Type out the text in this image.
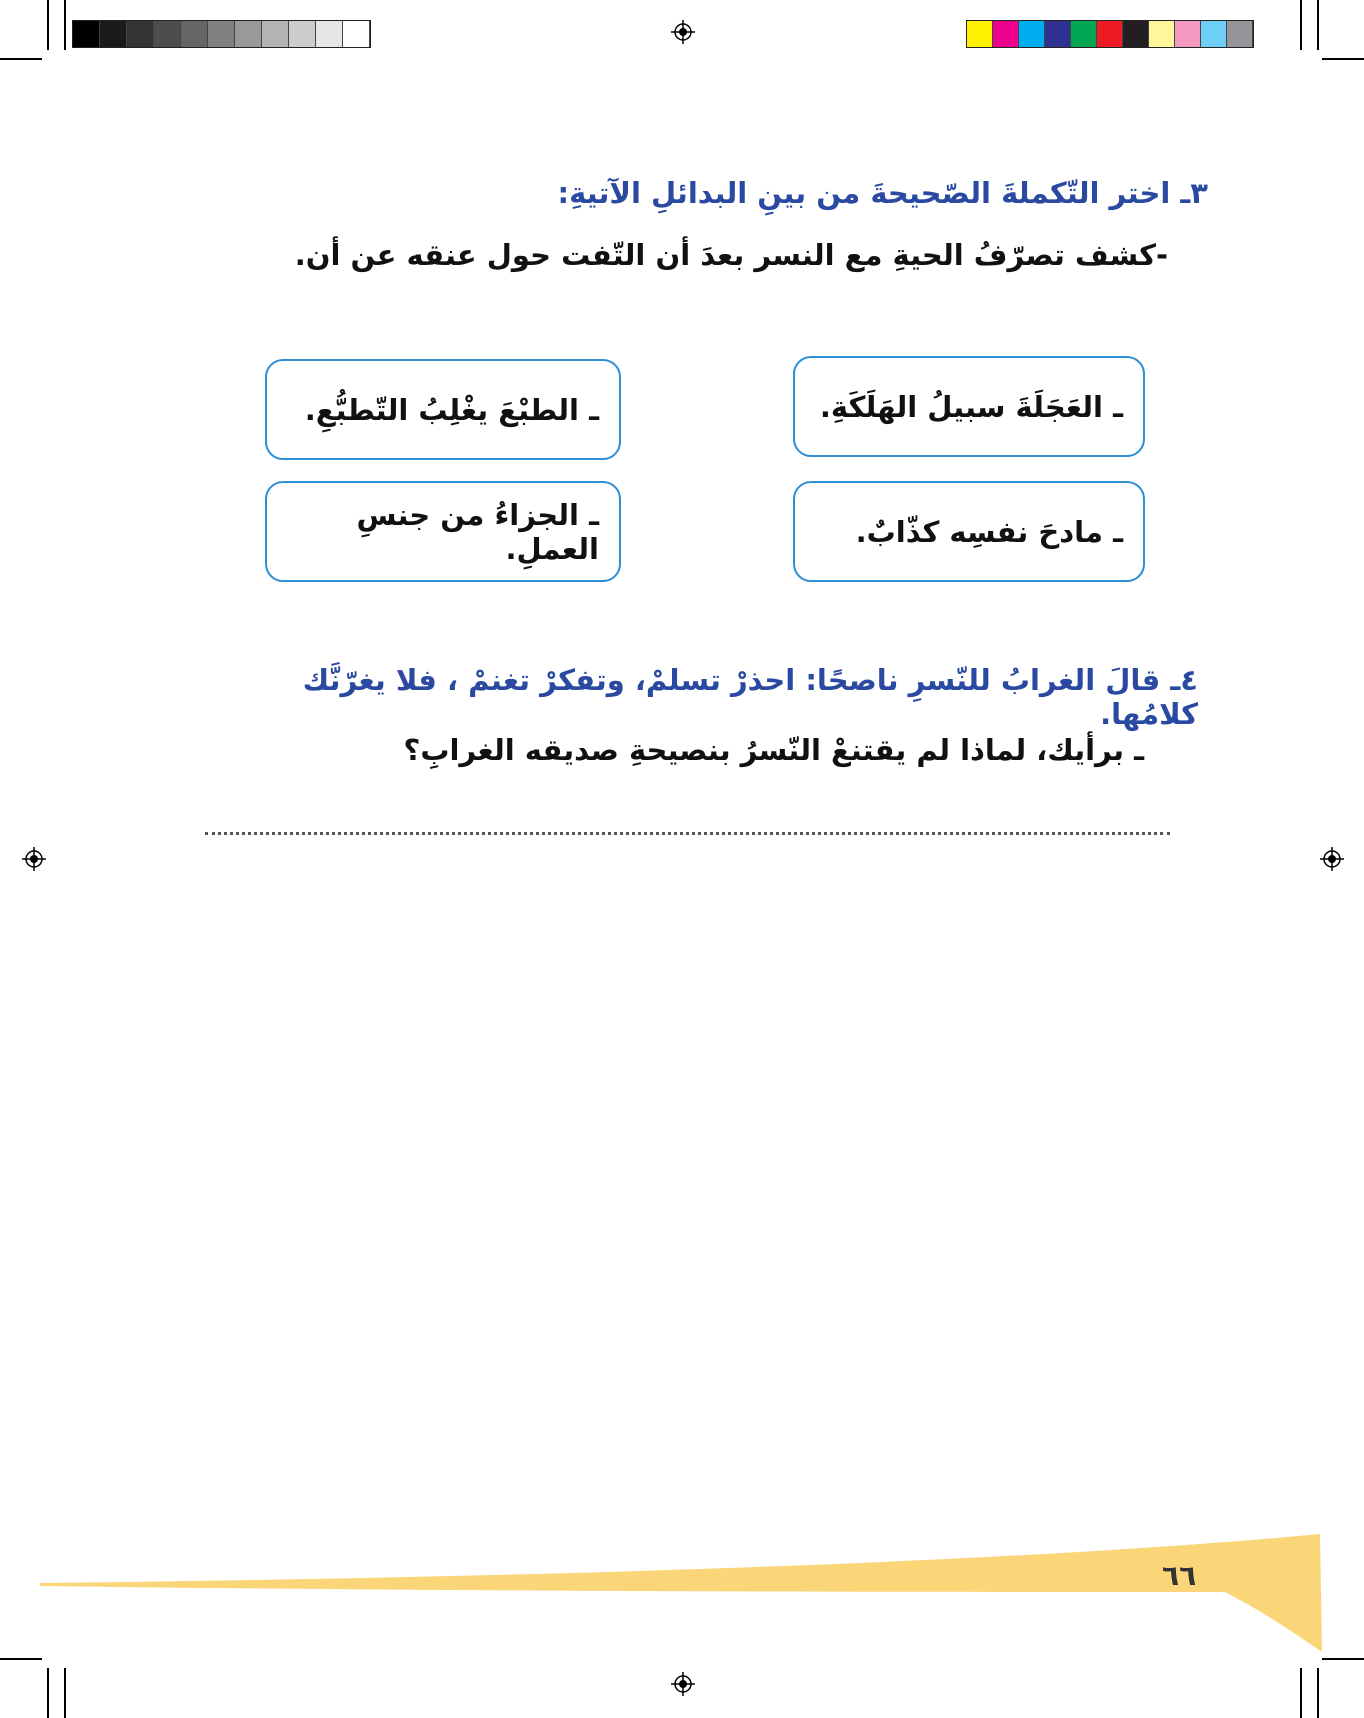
٣ـ اختر التّكملةَ الصّحيحةَ من بينِ البدائلِ الآتيةِ:
-كشف تصرّفُ الحيةِ مع النسر بعدَ أن التّفت حول عنقه عن أن.
ـ العَجَلَةَ سبيلُ الهَلَكَةِ.
ـ الطبْعَ يغْلِبُ التّطبُّعِ.
ـ مادحَ نفسِه كذّابٌ.
ـ الجزاءُ من جنسِ العملِ.
٤ـ قالَ الغرابُ للنّسرِ ناصحًا: احذرْ تسلمْ، وتفكرْ تغنمْ ، فلا يغرّنَّك كلامُها.
ـ برأيك، لماذا لم يقتنعْ النّسرُ بنصيحةِ صديقه الغرابِ؟
٦٦
